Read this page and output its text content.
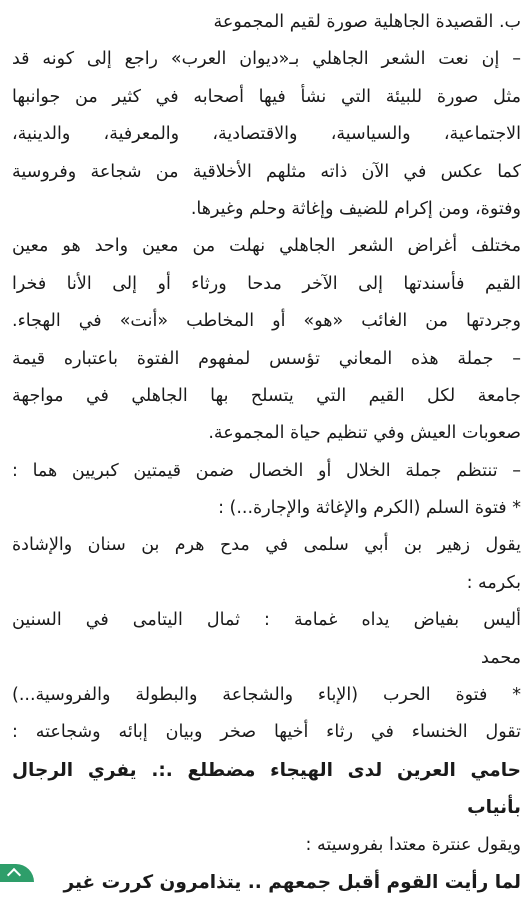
ب. القصيدة الجاهلية صورة لقيم المجموعة
– إن نعت الشعر الجاهلي بـ«ديوان العرب» راجع إلى كونه قد
مثل صورة للبيئة التي نشأ فيها أصحابه في كثير من جوانبها
الاجتماعية، والسياسية، والاقتصادية، والمعرفية، والدينية،
كما عكس في الآن ذاته مثلهم الأخلاقية من شجاعة وفروسية
وفتوة، ومن إكرام للضيف وإغاثة وحلم وغيرها.
مختلف أغراض الشعر الجاهلي نهلت من معين واحد هو معين
القيم فأسندتها إلى الآخر مدحا ورثاء أو إلى الأنا فخرا
وجردتها من الغائب «هو» أو المخاطب «أنت» في الهجاء.
– جملة هذه المعاني تؤسس لمفهوم الفتوة باعتباره قيمة
جامعة لكل القيم التي يتسلح بها الجاهلي في مواجهة
صعوبات العيش وفي تنظيم حياة المجموعة.
– تنتظم جملة الخلال أو الخصال ضمن قيمتين كبريين هما :
* فتوة السلم (الكرم والإغاثة والإجارة...) :
يقول زهير بن أبي سلمى في مدح هرم بن سنان والإشادة
بكرمه :
أليس بفياض يداه غمامة : ثمال اليتامى في السنين
محمد
* فتوة الحرب (الإباء والشجاعة والبطولة والفروسية...)
تقول الخنساء في رثاء أخيها صخر وبيان إبائه وشجاعته :
حامي العرين لدى الهيجاء مضطلع .:. يفري الرجال
بأنياب
ويقول عنترة معتدا بفروسيته :
لما رأيت القوم أقبل جمعهم .. يتذامرون كررت غير
